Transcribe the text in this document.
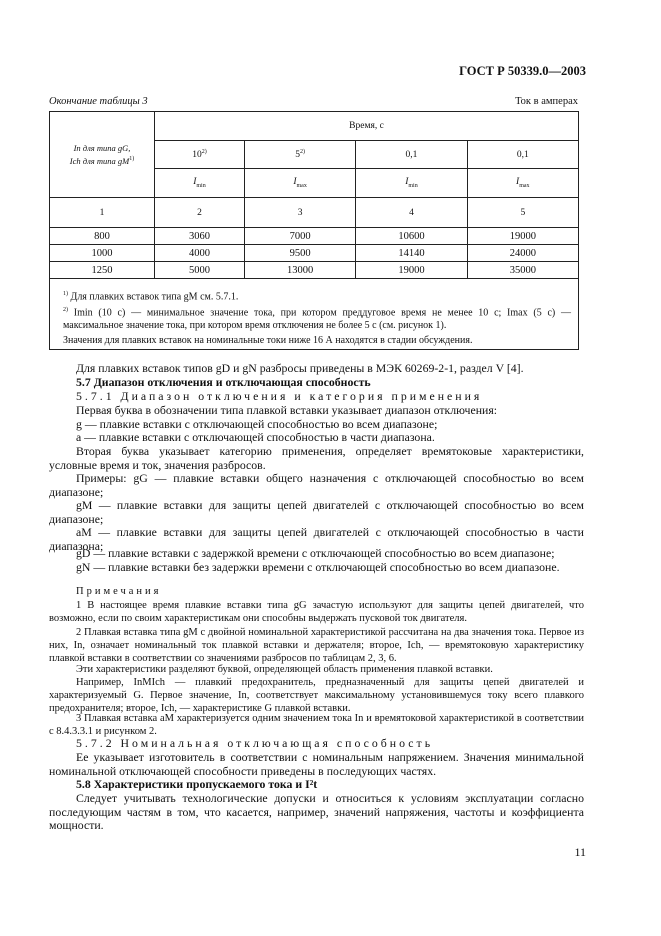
ГОСТ Р 50339.0—2003
Окончание таблицы 3	Ток в амперах
In для типа gG,
Ich для типа $gM^{1)}$	Время, с			
	10$^{2)}$	5$^{2)}$	0,1	0,1
	$I_{min}$	$I_{max}$	$I_{min}$	$I_{max}$
1	2	3	4	5
800	3060	7000	10600	19000
1000	4000	9500	14140	24000
1250	5000	13000	19000	35000

$^{1)}$ Для плавких вставок типа gM см. 5.7.1.
$^{2)}$ Imin (10 с) — минимальное значение тока, при котором преддуговое время не менее 10 с; Imax (5 с) — максимальное значение тока, при котором время отключения не более 5 с (см. рисунок 1).
Значения для плавких вставок на номинальные токи ниже 16 А находятся в стадии обсуждения.
Для плавких вставок типов gD и gN разбросы приведены в МЭК 60269-2-1, раздел V [4].
5.7 Диапазон отключения и отключающая способность
5.7.1 Диапазон отключения и категория применения
Первая буква в обозначении типа плавкой вставки указывает диапазон отключения:
g — плавкие вставки с отключающей способностью во всем диапазоне;
a — плавкие вставки с отключающей способностью в части диапазона.
Вторая буква указывает категорию применения, определяет времятоковые характеристики, условные время и ток, значения разбросов.
Примеры: gG — плавкие вставки общего назначения с отключающей способностью во всем диапазоне;
gM — плавкие вставки для защиты цепей двигателей с отключающей способностью во всем диапазоне;
aM — плавкие вставки для защиты цепей двигателей с отключающей способностью в части диапазона;
gD — плавкие вставки с задержкой времени с отключающей способностью во всем диапазоне;
gN — плавкие вставки без задержки времени с отключающей способностью во всем диапазоне.
Примечания
1 В настоящее время плавкие вставки типа gG зачастую используют для защиты цепей двигателей, что возможно, если по своим характеристикам они способны выдержать пусковой ток двигателя.
2 Плавкая вставка типа gM с двойной номинальной характеристикой рассчитана на два значения тока. Первое из них, In, означает номинальный ток плавкой вставки и держателя; второе, Ich, — времятоковую характеристику плавкой вставки в соответствии со значениями разбросов по таблицам 2, 3, 6.
Эти характеристики разделяют буквой, определяющей область применения плавкой вставки.
Например, InMIch — плавкий предохранитель, предназначенный для защиты цепей двигателей и характеризуемый G. Первое значение, In, соответствует максимальному установившемуся току всего плавкого предохранителя; второе, Ich, — характеристике G плавкой вставки.
3 Плавкая вставка aM характеризуется одним значением тока In и времятоковой характеристикой в соответствии с 8.4.3.3.1 и рисунком 2.
5.7.2 Номинальная отключающая способность
Ее указывает изготовитель в соответствии с номинальным напряжением. Значения минимальной номинальной отключающей способности приведены в последующих частях.
5.8 Характеристики пропускаемого тока и I²t
Следует учитывать технологические допуски и относиться к условиям эксплуатации согласно последующим частям в том, что касается, например, значений напряжения, частоты и коэффициента мощности.
11
